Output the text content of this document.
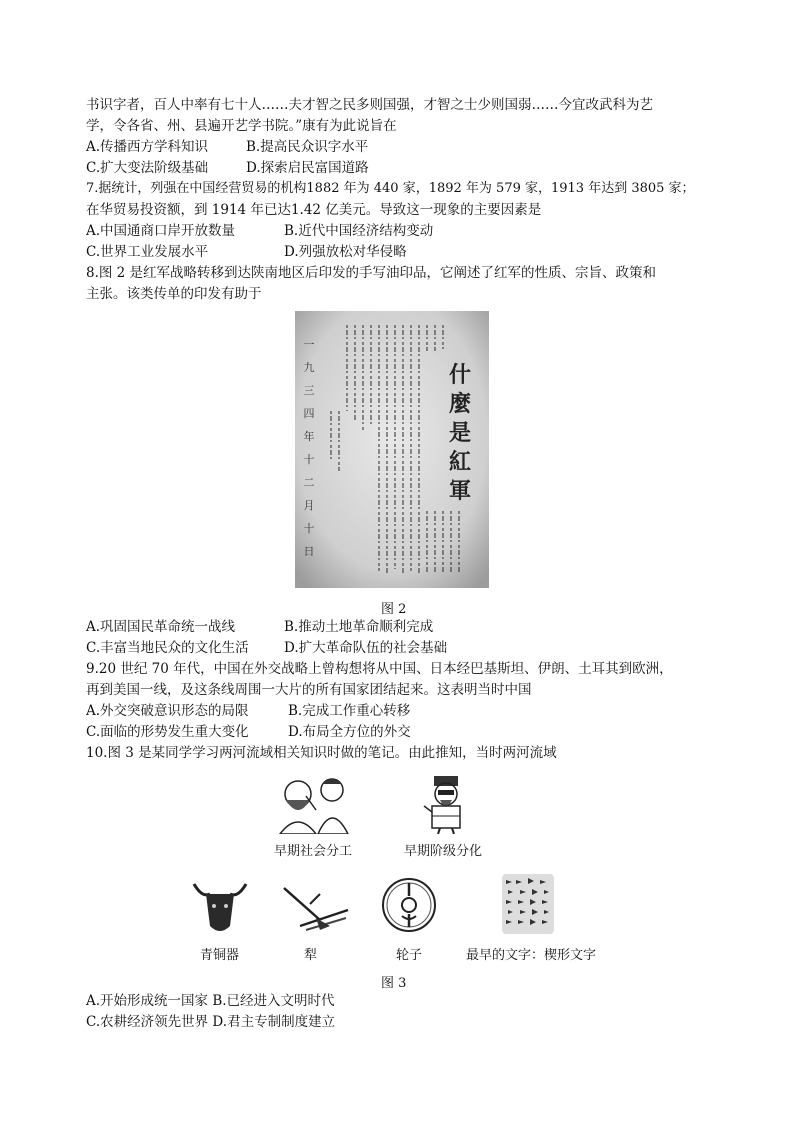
书识字者，百人中率有七十人……夫才智之民多则国强，才智之士少则国弱……今宜改武科为艺
学，令各省、州、县遍开艺学书院。”康有为此说旨在
A.传播西方学科知识	B.提高民众识字水平
C.扩大变法阶级基础	D.探索启民富国道路
7.据统计，列强在中国经营贸易的机构1882 年为 440 家，1892 年为 579 家，1913 年达到 3805 家；
在华贸易投资额，到 1914 年已达1.42 亿美元。导致这一现象的主要因素是
A.中国通商口岸开放数量	B.近代中国经济结构变动
C.世界工业发展水平	D.列强放松对华侵略
8.图 2 是红军战略转移到达陕南地区后印发的手写油印品，它阐述了红军的性质、宗旨、政策和
主张。该类传单的印发有助于
什麼是紅軍
一九三四年十二月十日
图 2
A.巩固国民革命统一战线	B.推动土地革命顺利完成
C.丰富当地民众的文化生活	D.扩大革命队伍的社会基础
9.20 世纪 70 年代，中国在外交战略上曾构想将从中国、日本经巴基斯坦、伊朗、土耳其到欧洲，
再到美国一线，及这条线周围一大片的所有国家团结起来。这表明当时中国
A.外交突破意识形态的局限	B.完成工作重心转移
C.面临的形势发生重大变化	D.布局全方位的外交
10.图 3 是某同学学习两河流域相关知识时做的笔记。由此推知，当时两河流域
早期社会分工	早期阶级分化
青铜器	犁	轮子	最早的文字：楔形文字
图 3
A.开始形成统一国家 B.已经进入文明时代
C.农耕经济领先世界 D.君主专制制度建立
